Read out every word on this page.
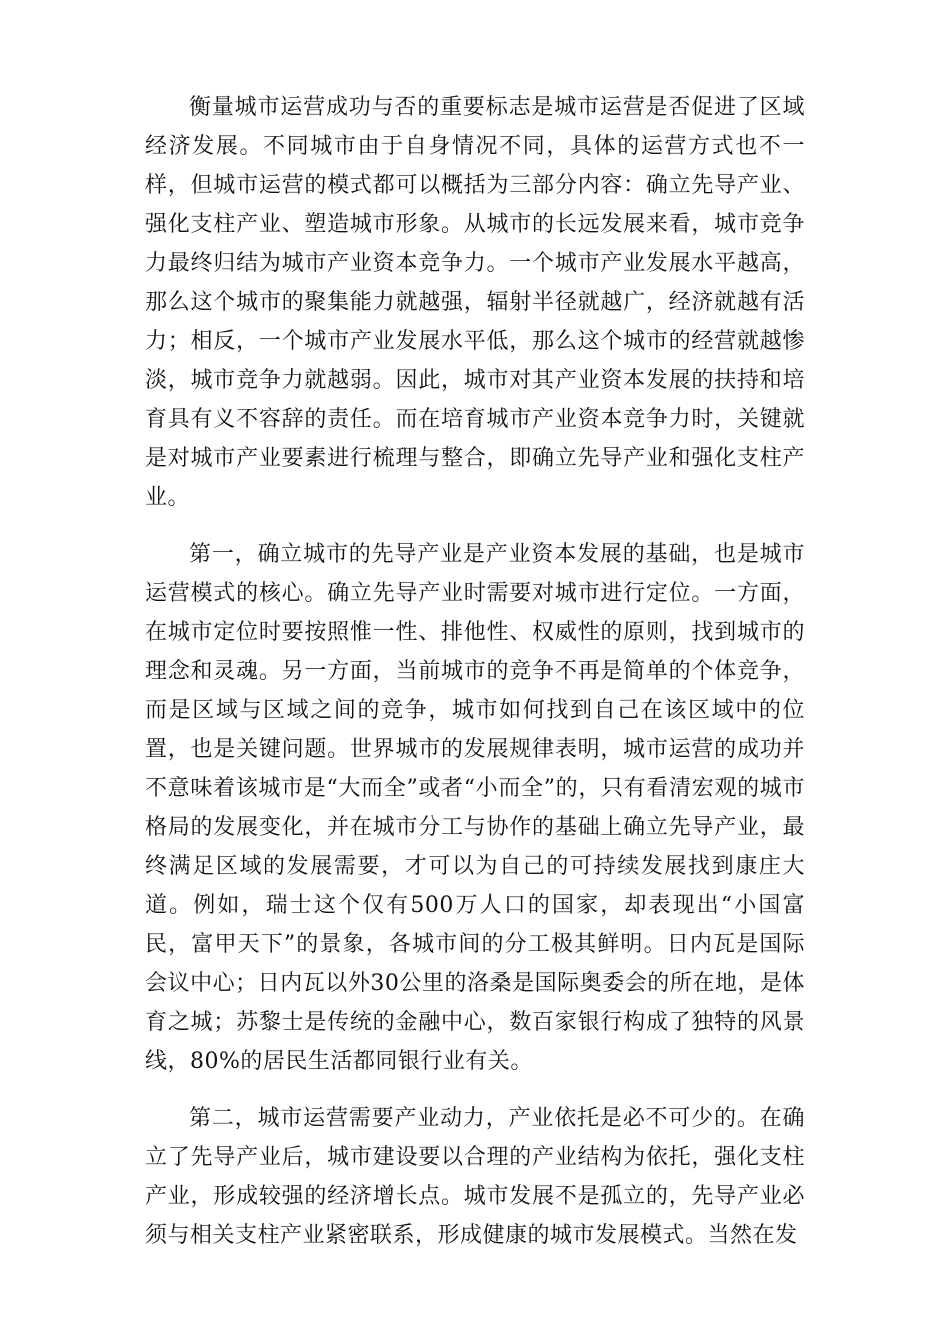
衡量城市运营成功与否的重要标志是城市运营是否促进了区域经济发展。不同城市由于自身情况不同，具体的运营方式也不一样，但城市运营的模式都可以概括为三部分内容：确立先导产业、强化支柱产业、塑造城市形象。从城市的长远发展来看，城市竞争力最终归结为城市产业资本竞争力。一个城市产业发展水平越高，那么这个城市的聚集能力就越强，辐射半径就越广，经济就越有活力；相反，一个城市产业发展水平低，那么这个城市的经营就越惨淡，城市竞争力就越弱。因此，城市对其产业资本发展的扶持和培育具有义不容辞的责任。而在培育城市产业资本竞争力时，关键就是对城市产业要素进行梳理与整合，即确立先导产业和强化支柱产业。

第一，确立城市的先导产业是产业资本发展的基础，也是城市运营模式的核心。确立先导产业时需要对城市进行定位。一方面，在城市定位时要按照惟一性、排他性、权威性的原则，找到城市的理念和灵魂。另一方面，当前城市的竞争不再是简单的个体竞争，而是区域与区域之间的竞争，城市如何找到自己在该区域中的位置，也是关键问题。世界城市的发展规律表明，城市运营的成功并不意味着该城市是“大而全”或者“小而全”的，只有看清宏观的城市格局的发展变化，并在城市分工与协作的基础上确立先导产业，最终满足区域的发展需要，才可以为自己的可持续发展找到康庄大道。例如，瑞士这个仅有500万人口的国家，却表现出“小国富民，富甲天下”的景象，各城市间的分工极其鲜明。日内瓦是国际会议中心；日内瓦以外30公里的洛桑是国际奥委会的所在地，是体育之城；苏黎士是传统的金融中心，数百家银行构成了独特的风景线，80%的居民生活都同银行业有关。

第二，城市运营需要产业动力，产业依托是必不可少的。在确立了先导产业后，城市建设要以合理的产业结构为依托，强化支柱产业，形成较强的经济增长点。城市发展不是孤立的，先导产业必须与相关支柱产业紧密联系，形成健康的城市发展模式。当然在发
